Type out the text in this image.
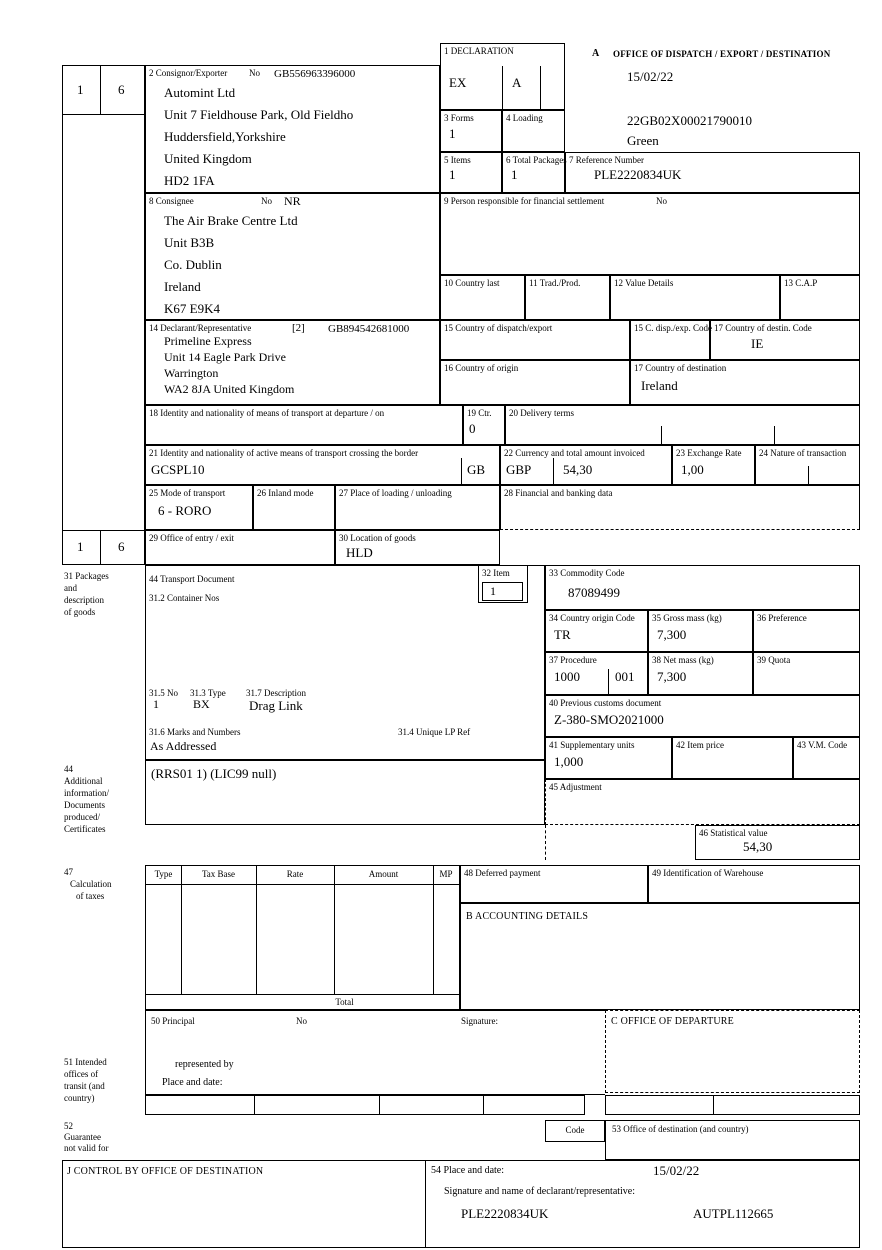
1	6
1	6
2 Consignor/Exporter No GB556963396000
Automint Ltd
Unit 7 Fieldhouse Park, Old Fieldho
Huddersfield,Yorkshire
United Kingdom
HD2 1FA
1 DECLARATION
EX	A
A OFFICE OF DISPATCH / EXPORT / DESTINATION
15/02/22
22GB02X00021790010
Green
3 Forms
1
4 Loading
5 Items
1
6 Total Packages
1
7 Reference Number
PLE2220834UK
8 Consignee	No NR
The Air Brake Centre Ltd
Unit B3B
Co. Dublin
Ireland
K67 E9K4
9 Person responsible for financial settlement	No
10 Country last	11 Trad./Prod.	12 Value Details	13 C.A.P
14 Declarant/Representative	[2] GB894542681000
Primeline Express
Unit 14 Eagle Park Drive
Warrington
WA2 8JA United Kingdom
15 Country of dispatch/export	15 C. disp./exp. Code 17 Country of destin. Code
IE
16 Country of origin	17 Country of destination
Ireland
18 Identity and nationality of means of transport at departure / on	19 Ctr.
0
20 Delivery terms
21 Identity and nationality of active means of transport crossing the border
GCSPL10	GB
22 Currency and total amount invoiced
GBP 54,30
23 Exchange Rate
1,00
24 Nature of transaction
25 Mode of transport
6 - RORO
26 Inland mode	27 Place of loading / unloading	28 Financial and banking data
29 Office of entry / exit	30 Location of goods
HLD
31 Packages
and
description
of goods
44 Transport Document
31.2 Container Nos
31.5 No
1
31.3 Type
BX
31.7 Description
Drag Link
31.6 Marks and Numbers
As Addressed
31.4 Unique LP Ref
32 Item
1
33 Commodity Code
87089499
34 Country origin Code
TR
35 Gross mass (kg)
7,300
36 Preference
37 Procedure
1000	001
38 Net mass (kg)
7,300
39 Quota
40 Previous customs document
Z-380-SMO2021000
41 Supplementary units
1,000
42 Item price	43 V.M. Code
44
Additional
information/
Documents
produced/
Certificates
(RRS01 1) (LIC99 null)
45 Adjustment
46 Statistical value
54,30
47
Calculation
of taxes
Type	Tax Base	Rate	Amount	MP
Total
48 Deferred payment	49 Identification of Warehouse
B ACCOUNTING DETAILS
50 Principal	No	Signature:	C OFFICE OF DEPARTURE
51 Intended
offices of
transit (and
country)
represented by
Place and date:
52
Guarantee
not valid for
Code	53 Office of destination (and country)
J CONTROL BY OFFICE OF DESTINATION	54 Place and date:	15/02/22
Signature and name of declarant/representative:
PLE2220834UK	AUTPL112665
